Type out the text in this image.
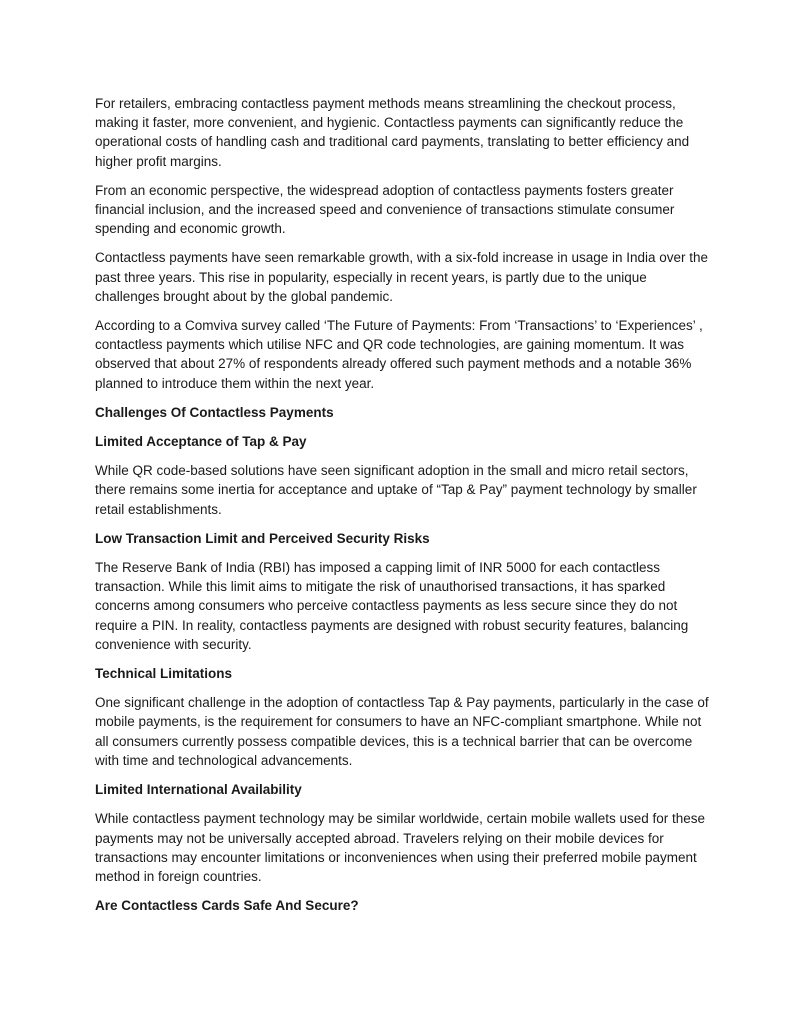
For retailers, embracing contactless payment methods means streamlining the checkout process, making it faster, more convenient, and hygienic. Contactless payments can significantly reduce the operational costs of handling cash and traditional card payments, translating to better efficiency and higher profit margins.

From an economic perspective, the widespread adoption of contactless payments fosters greater financial inclusion, and the increased speed and convenience of transactions stimulate consumer spending and economic growth.

Contactless payments have seen remarkable growth, with a six-fold increase in usage in India over the past three years. This rise in popularity, especially in recent years, is partly due to the unique challenges brought about by the global pandemic.

According to a Comviva survey called ‘The Future of Payments: From ‘Transactions’ to ‘Experiences’ , contactless payments which utilise NFC and QR code technologies, are gaining momentum. It was observed that about 27% of respondents already offered such payment methods and a notable 36% planned to introduce them within the next year.

Challenges Of Contactless Payments

Limited Acceptance of Tap & Pay

While QR code-based solutions have seen significant adoption in the small and micro retail sectors, there remains some inertia for acceptance and uptake of “Tap & Pay” payment technology by smaller retail establishments.

Low Transaction Limit and Perceived Security Risks

The Reserve Bank of India (RBI) has imposed a capping limit of INR 5000 for each contactless transaction. While this limit aims to mitigate the risk of unauthorised transactions, it has sparked concerns among consumers who perceive contactless payments as less secure since they do not require a PIN. In reality, contactless payments are designed with robust security features, balancing convenience with security.

Technical Limitations

One significant challenge in the adoption of contactless Tap & Pay payments, particularly in the case of mobile payments, is the requirement for consumers to have an NFC-compliant smartphone. While not all consumers currently possess compatible devices, this is a technical barrier that can be overcome with time and technological advancements.

Limited International Availability

While contactless payment technology may be similar worldwide, certain mobile wallets used for these payments may not be universally accepted abroad. Travelers relying on their mobile devices for transactions may encounter limitations or inconveniences when using their preferred mobile payment method in foreign countries.

Are Contactless Cards Safe And Secure?
